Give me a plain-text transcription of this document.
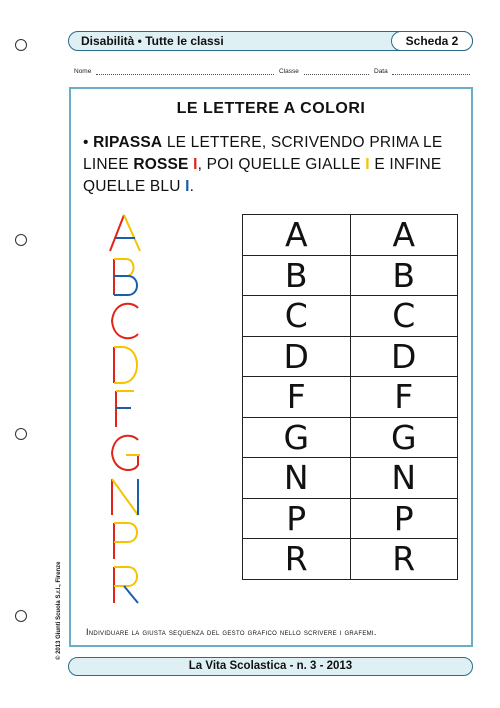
Disabilità • Tutte le classi	Scheda 2
Nome	Classe	Data
LE LETTERE A COLORI
• RIPASSA LE LETTERE, SCRIVENDO PRIMA LE LINEE ROSSE I, POI QUELLE GIALLE I E INFINE QUELLE BLU I.
A	A
B	B
C	C
D	D
F	F
G	G
N	N
P	P
R	R
Individuare la giusta sequenza del gesto grafico nello scrivere i grafemi.
© 2013 Giunti Scuola S.r.l., Firenze
La Vita Scolastica - n. 3 - 2013
